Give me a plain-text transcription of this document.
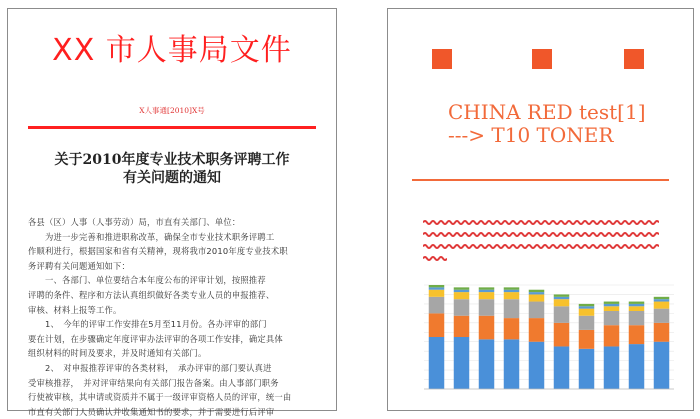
XX 市人事局文件
X人事通[2010]X号
关于2010年度专业技术职务评聘工作
有关问题的通知

各县（区）人事（人事劳动）局，市直有关部门、单位：

　　为进一步完善和推进职称改革，确保全市专业技术职务评聘工

作顺利进行，根据国家和省有关精神，现将我市2010年度专业技术职

务评聘有关问题通知如下：

　　一、各部门、单位要结合本年度公布的评审计划，按照推荐

评聘的条件、程序和方法认真组织做好各类专业人员的申报推荐、

审核、材料上报等工作。

　　1、　今年的评审工作安排在5月至11月份。各办评审的部门

要在计划，在步骤确定年度评审办法评审的各项工作安排，确定具体

组织材料的时间及要求，并及时通知有关部门。

　　2、　对申报推荐评审的各类材料，　承办评审的部门要认真进

受审核推荐，　并对评审结果向有关部门报告备案。由人事部门职务

行使被审核，其申请或资质并不属于一级评审资格人员的评审，统一由

市直有关部门人员确认并收集通知书的要求，并于需要进行后评审

CHINA RED test[1]
---> T10 TONER
